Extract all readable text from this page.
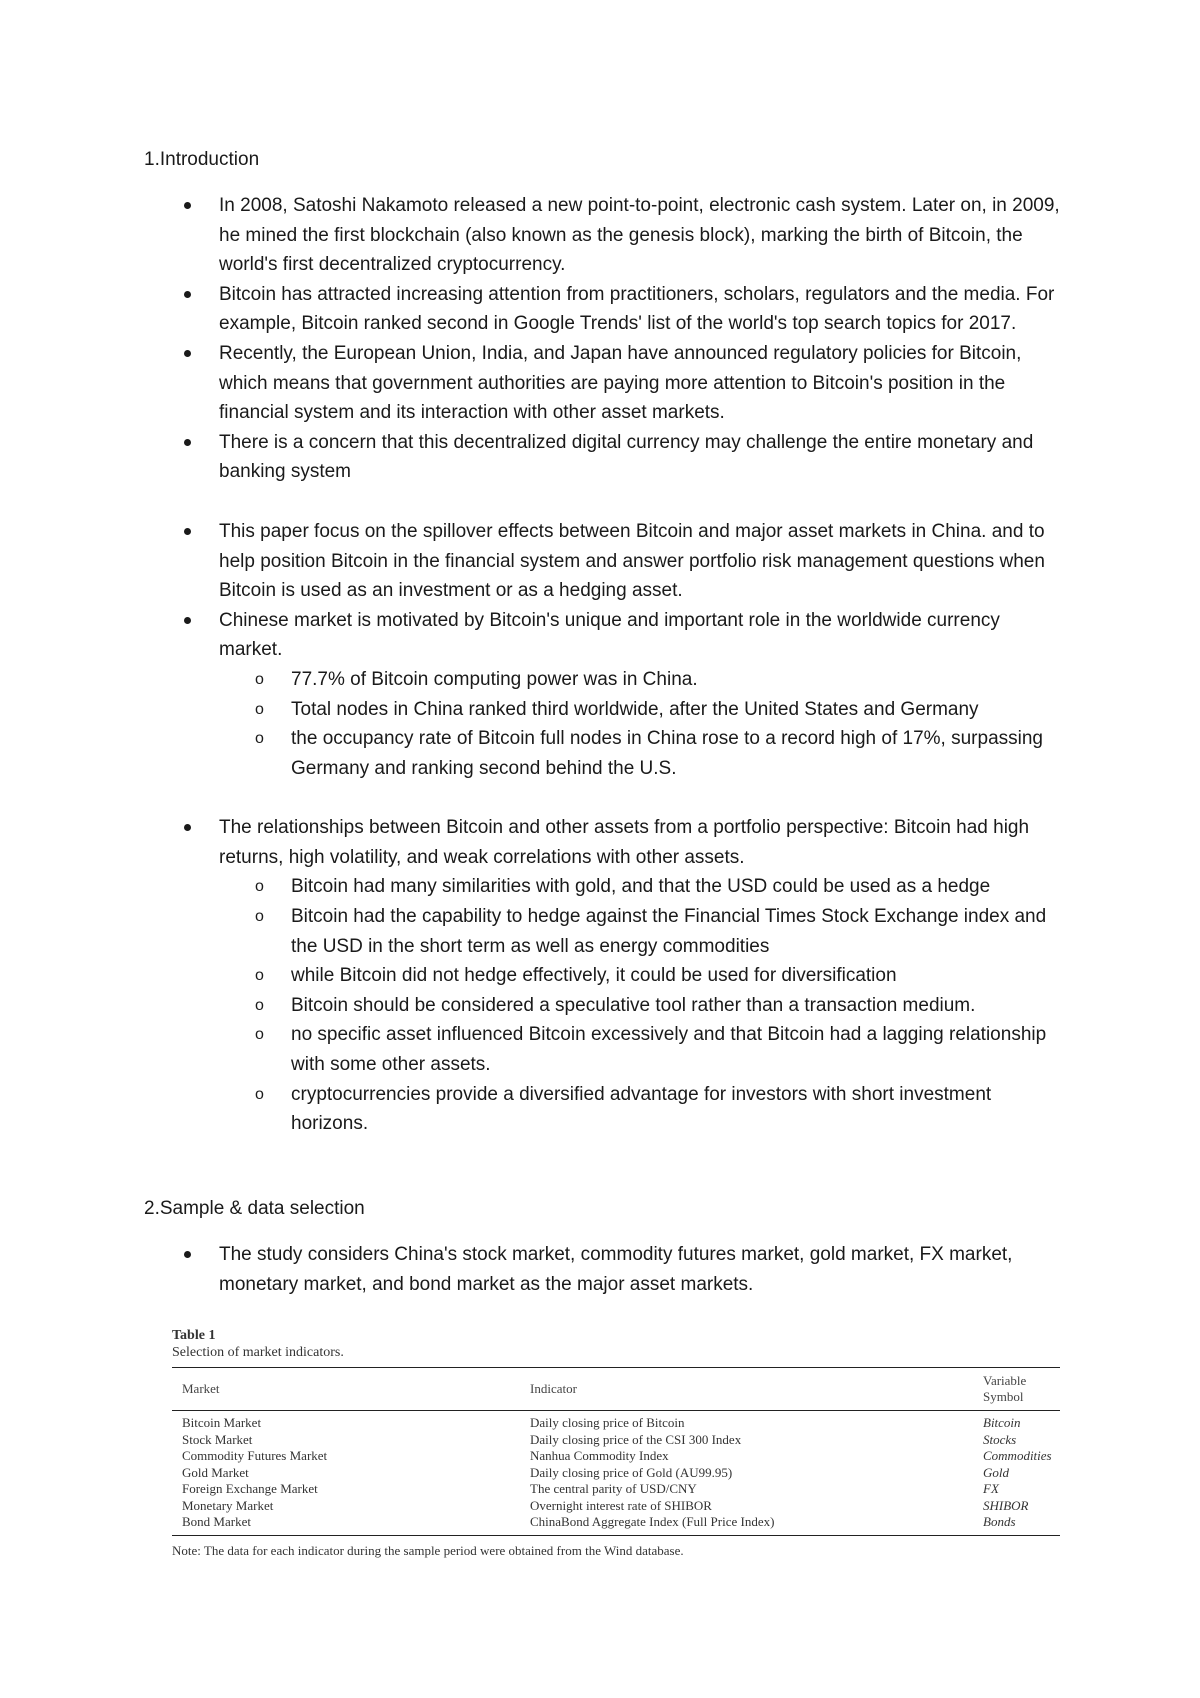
1.Introduction
In 2008, Satoshi Nakamoto released a new point-to-point, electronic cash system. Later on, in 2009, he mined the first blockchain (also known as the genesis block), marking the birth of Bitcoin, the world's first decentralized cryptocurrency.
Bitcoin has attracted increasing attention from practitioners, scholars, regulators and the media. For example, Bitcoin ranked second in Google Trends' list of the world's top search topics for 2017.
Recently, the European Union, India, and Japan have announced regulatory policies for Bitcoin, which means that government authorities are paying more attention to Bitcoin's position in the financial system and its interaction with other asset markets.
There is a concern that this decentralized digital currency may challenge the entire monetary and banking system
This paper focus on the spillover effects between Bitcoin and major asset markets in China. and to help position Bitcoin in the financial system and answer portfolio risk management questions when Bitcoin is used as an investment or as a hedging asset.
Chinese market is motivated by Bitcoin's unique and important role in the worldwide currency market.
o 77.7% of Bitcoin computing power was in China.
o Total nodes in China ranked third worldwide, after the United States and Germany
o the occupancy rate of Bitcoin full nodes in China rose to a record high of 17%, surpassing Germany and ranking second behind the U.S.
The relationships between Bitcoin and other assets from a portfolio perspective: Bitcoin had high returns, high volatility, and weak correlations with other assets.
o Bitcoin had many similarities with gold, and that the USD could be used as a hedge
o Bitcoin had the capability to hedge against the Financial Times Stock Exchange index and the USD in the short term as well as energy commodities
o while Bitcoin did not hedge effectively, it could be used for diversification
o Bitcoin should be considered a speculative tool rather than a transaction medium.
o no specific asset influenced Bitcoin excessively and that Bitcoin had a lagging relationship with some other assets.
o cryptocurrencies provide a diversified advantage for investors with short investment horizons.
2.Sample & data selection
The study considers China's stock market, commodity futures market, gold market, FX market, monetary market, and bond market as the major asset markets.
Table 1
Selection of market indicators.
Market	Indicator	Variable Symbol
Bitcoin Market	Daily closing price of Bitcoin	Bitcoin
Stock Market	Daily closing price of the CSI 300 Index	Stocks
Commodity Futures Market	Nanhua Commodity Index	Commodities
Gold Market	Daily closing price of Gold (AU99.95)	Gold
Foreign Exchange Market	The central parity of USD/CNY	FX
Monetary Market	Overnight interest rate of SHIBOR	SHIBOR
Bond Market	ChinaBond Aggregate Index (Full Price Index)	Bonds
Note: The data for each indicator during the sample period were obtained from the Wind database.
